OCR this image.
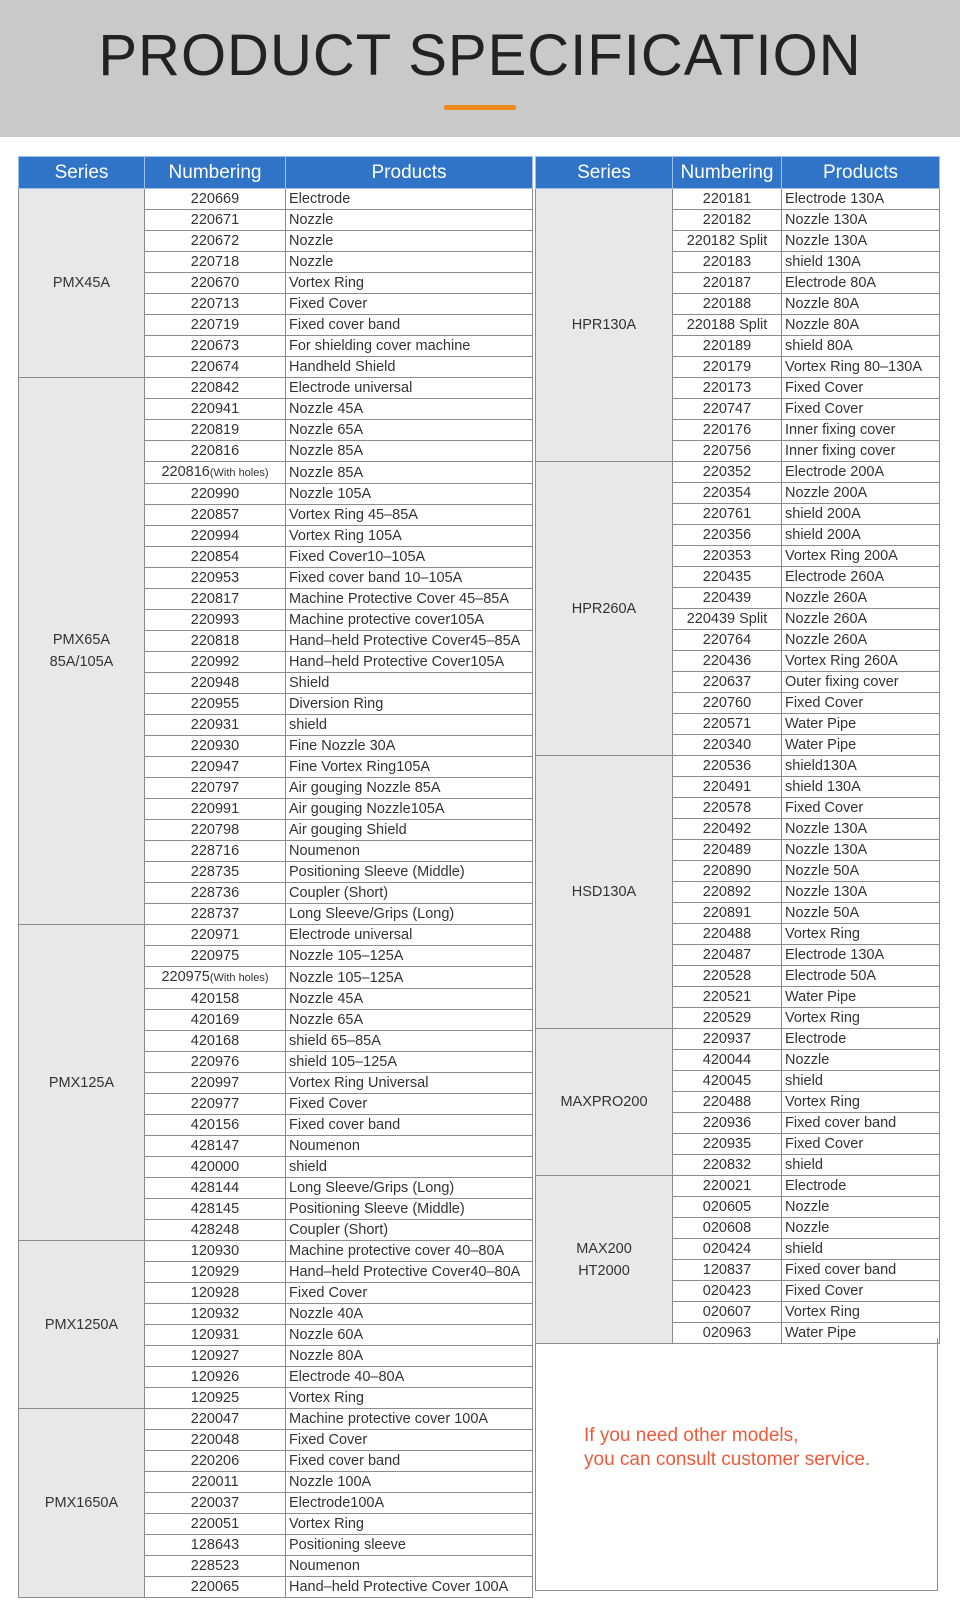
PRODUCT SPECIFICATION
Series	Numbering	Products
PMX45A	220669	Electrode
	220671	Nozzle
	220672	Nozzle
	220718	Nozzle
	220670	Vortex Ring
	220713	Fixed Cover
	220719	Fixed cover band
	220673	For shielding cover machine
	220674	Handheld Shield
PMX65A
85A/105A	220842	Electrode universal
	220941	Nozzle 45A
	220819	Nozzle 65A
	220816	Nozzle 85A
	220816(With holes)	Nozzle 85A
	220990	Nozzle 105A
	220857	Vortex Ring 45–85A
	220994	Vortex Ring 105A
	220854	Fixed Cover10–105A
	220953	Fixed cover band 10–105A
	220817	Machine Protective Cover 45–85A
	220993	Machine protective cover105A
	220818	Hand–held Protective Cover45–85A
	220992	Hand–held Protective Cover105A
	220948	Shield
	220955	Diversion Ring
	220931	shield
	220930	Fine Nozzle 30A
	220947	Fine Vortex Ring105A
	220797	Air gouging Nozzle 85A
	220991	Air gouging Nozzle105A
	220798	Air gouging Shield
	228716	Noumenon
	228735	Positioning Sleeve (Middle)
	228736	Coupler (Short)
	228737	Long Sleeve/Grips (Long)
PMX125A	220971	Electrode universal
	220975	Nozzle 105–125A
	220975(With holes)	Nozzle 105–125A
	420158	Nozzle 45A
	420169	Nozzle 65A
	420168	shield 65–85A
	220976	shield 105–125A
	220997	Vortex Ring Universal
	220977	Fixed Cover
	420156	Fixed cover band
	428147	Noumenon
	420000	shield
	428144	Long Sleeve/Grips (Long)
	428145	Positioning Sleeve (Middle)
	428248	Coupler (Short)
PMX1250A	120930	Machine protective cover 40–80A
	120929	Hand–held Protective Cover40–80A
	120928	Fixed Cover
	120932	Nozzle 40A
	120931	Nozzle 60A
	120927	Nozzle 80A
	120926	Electrode 40–80A
	120925	Vortex Ring
PMX1650A	220047	Machine protective cover 100A
	220048	Fixed Cover
	220206	Fixed cover band
	220011	Nozzle 100A
	220037	Electrode100A
	220051	Vortex Ring
	128643	Positioning sleeve
	228523	Noumenon
	220065	Hand–held Protective Cover 100A
Series	Numbering	Products
HPR130A	220181	Electrode 130A
	220182	Nozzle 130A
	220182 Split	Nozzle 130A
	220183	shield 130A
	220187	Electrode 80A
	220188	Nozzle 80A
	220188 Split	Nozzle 80A
	220189	shield 80A
	220179	Vortex Ring 80–130A
	220173	Fixed Cover
	220747	Fixed Cover
	220176	Inner fixing cover
	220756	Inner fixing cover
HPR260A	220352	Electrode 200A
	220354	Nozzle 200A
	220761	shield 200A
	220356	shield 200A
	220353	Vortex Ring 200A
	220435	Electrode 260A
	220439	Nozzle 260A
	220439 Split	Nozzle 260A
	220764	Nozzle 260A
	220436	Vortex Ring 260A
	220637	Outer fixing cover
	220760	Fixed Cover
	220571	Water Pipe
	220340	Water Pipe
HSD130A	220536	shield130A
	220491	shield 130A
	220578	Fixed Cover
	220492	Nozzle 130A
	220489	Nozzle 130A
	220890	Nozzle 50A
	220892	Nozzle 130A
	220891	Nozzle 50A
	220488	Vortex Ring
	220487	Electrode 130A
	220528	Electrode 50A
	220521	Water Pipe
	220529	Vortex Ring
MAXPRO200	220937	Electrode
	420044	Nozzle
	420045	shield
	220488	Vortex Ring
	220936	Fixed cover band
	220935	Fixed Cover
	220832	shield
MAX200
HT2000	220021	Electrode
	020605	Nozzle
	020608	Nozzle
	020424	shield
	120837	Fixed cover band
	020423	Fixed Cover
	020607	Vortex Ring
	020963	Water Pipe
If you need other models,
you can consult customer service.
